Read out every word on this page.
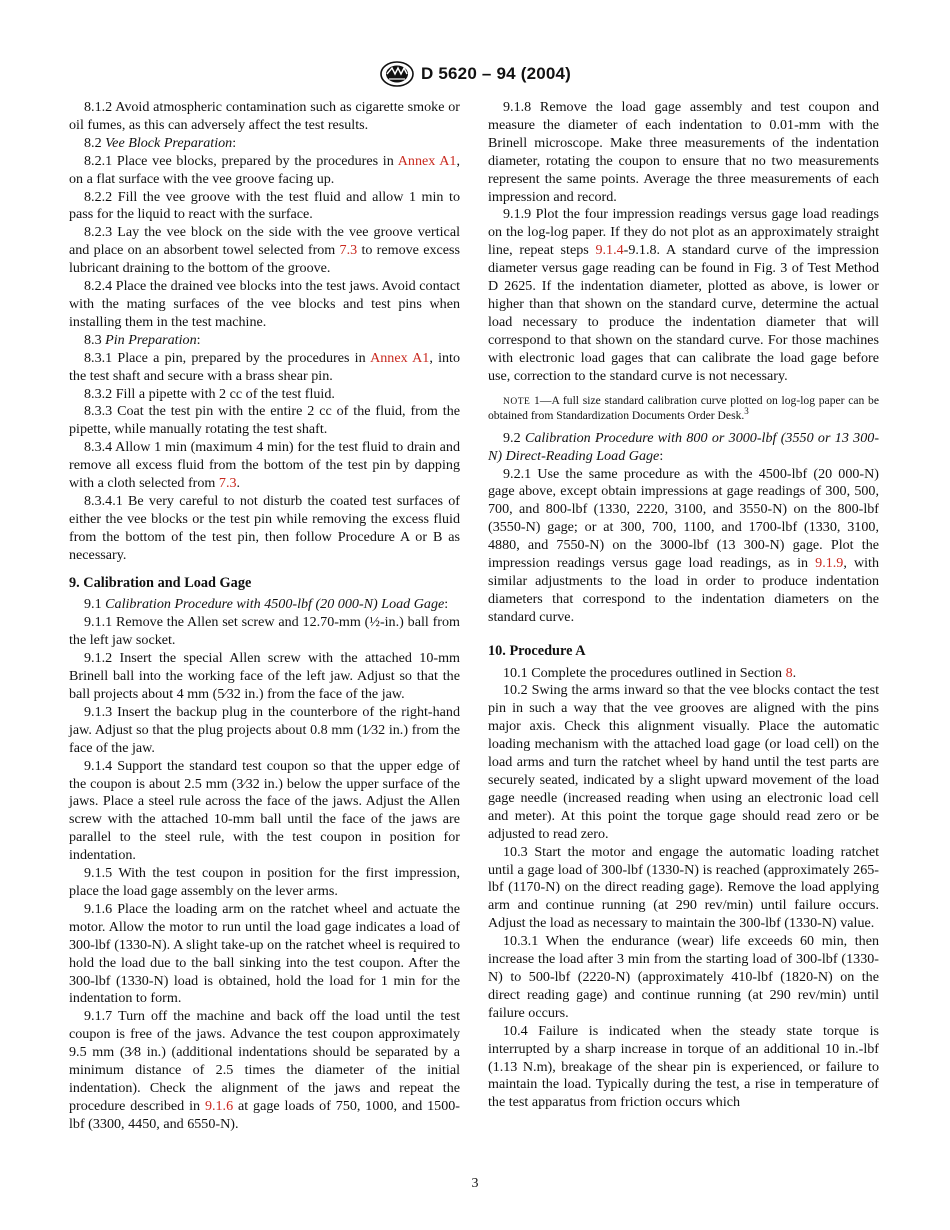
D 5620 – 94 (2004)

8.1.2 Avoid atmospheric contamination such as cigarette smoke or oil fumes, as this can adversely affect the test results.

8.2 Vee Block Preparation:

8.2.1 Place vee blocks, prepared by the procedures in Annex A1, on a flat surface with the vee groove facing up.

8.2.2 Fill the vee groove with the test fluid and allow 1 min to pass for the liquid to react with the surface.

8.2.3 Lay the vee block on the side with the vee groove vertical and place on an absorbent towel selected from 7.3 to remove excess lubricant draining to the bottom of the groove.

8.2.4 Place the drained vee blocks into the test jaws. Avoid contact with the mating surfaces of the vee blocks and test pins when installing them in the test machine.

8.3 Pin Preparation:

8.3.1 Place a pin, prepared by the procedures in Annex A1, into the test shaft and secure with a brass shear pin.

8.3.2 Fill a pipette with 2 cc of the test fluid.

8.3.3 Coat the test pin with the entire 2 cc of the fluid, from the pipette, while manually rotating the test shaft.

8.3.4 Allow 1 min (maximum 4 min) for the test fluid to drain and remove all excess fluid from the bottom of the test pin by dapping with a cloth selected from 7.3.

8.3.4.1 Be very careful to not disturb the coated test surfaces of either the vee blocks or the test pin while removing the excess fluid from the bottom of the test pin, then follow Procedure A or B as necessary.

9. Calibration and Load Gage

9.1 Calibration Procedure with 4500-lbf (20 000-N) Load Gage:

9.1.1 Remove the Allen set screw and 12.70-mm (½-in.) ball from the left jaw socket.

9.1.2 Insert the special Allen screw with the attached 10-mm Brinell ball into the working face of the left jaw. Adjust so that the ball projects about 4 mm (5⁄32 in.) from the face of the jaw.

9.1.3 Insert the backup plug in the counterbore of the right-hand jaw. Adjust so that the plug projects about 0.8 mm (1⁄32 in.) from the face of the jaw.

9.1.4 Support the standard test coupon so that the upper edge of the coupon is about 2.5 mm (3⁄32 in.) below the upper surface of the jaws. Place a steel rule across the face of the jaws. Adjust the Allen screw with the attached 10-mm ball until the face of the jaws are parallel to the steel rule, with the test coupon in position for indentation.

9.1.5 With the test coupon in position for the first impression, place the load gage assembly on the lever arms.

9.1.6 Place the loading arm on the ratchet wheel and actuate the motor. Allow the motor to run until the load gage indicates a load of 300-lbf (1330-N). A slight take-up on the ratchet wheel is required to hold the load due to the ball sinking into the test coupon. After the 300-lbf (1330-N) load is obtained, hold the load for 1 min for the indentation to form.

9.1.7 Turn off the machine and back off the load until the test coupon is free of the jaws. Advance the test coupon approximately 9.5 mm (3⁄8 in.) (additional indentations should be separated by a minimum distance of 2.5 times the diameter of the initial indentation). Check the alignment of the jaws and repeat the procedure described in 9.1.6 at gage loads of 750, 1000, and 1500-lbf (3300, 4450, and 6550-N).

9.1.8 Remove the load gage assembly and test coupon and measure the diameter of each indentation to 0.01-mm with the Brinell microscope. Make three measurements of the indentation diameter, rotating the coupon to ensure that no two measurements represent the same points. Average the three measurements of each impression and record.

9.1.9 Plot the four impression readings versus gage load readings on the log-log paper. If they do not plot as an approximately straight line, repeat steps 9.1.4-9.1.8. A standard curve of the impression diameter versus gage reading can be found in Fig. 3 of Test Method D 2625. If the indentation diameter, plotted as above, is lower or higher than that shown on the standard curve, determine the actual load necessary to produce the indentation diameter that will correspond to that shown on the standard curve. For those machines with electronic load gages that can calibrate the load gage before use, correction to the standard curve is not necessary.

NOTE 1—A full size standard calibration curve plotted on log-log paper can be obtained from Standardization Documents Order Desk.$^3$

9.2 Calibration Procedure with 800 or 3000-lbf (3550 or 13 300-N) Direct-Reading Load Gage:

9.2.1 Use the same procedure as with the 4500-lbf (20 000-N) gage above, except obtain impressions at gage readings of 300, 500, 700, and 800-lbf (1330, 2220, 3100, and 3550-N) on the 800-lbf (3550-N) gage; or at 300, 700, 1100, and 1700-lbf (1330, 3100, 4880, and 7550-N) on the 3000-lbf (13 300-N) gage. Plot the impression readings versus gage load readings, as in 9.1.9, with similar adjustments to the load in order to produce indentation diameters that correspond to the indentation diameters on the standard curve.

10. Procedure A

10.1 Complete the procedures outlined in Section 8.

10.2 Swing the arms inward so that the vee blocks contact the test pin in such a way that the vee grooves are aligned with the pins major axis. Check this alignment visually. Place the automatic loading mechanism with the attached load gage (or load cell) on the load arms and turn the ratchet wheel by hand until the test parts are securely seated, indicated by a slight upward movement of the load gage needle (increased reading when using an electronic load cell and meter). At this point the torque gage should read zero or be adjusted to read zero.

10.3 Start the motor and engage the automatic loading ratchet until a gage load of 300-lbf (1330-N) is reached (approximately 265-lbf (1170-N) on the direct reading gage). Remove the load applying arm and continue running (at 290 rev/min) until failure occurs. Adjust the load as necessary to maintain the 300-lbf (1330-N) value.

10.3.1 When the endurance (wear) life exceeds 60 min, then increase the load after 3 min from the starting load of 300-lbf (1330-N) to 500-lbf (2220-N) (approximately 410-lbf (1820-N) on the direct reading gage) and continue running (at 290 rev/min) until failure occurs.

10.4 Failure is indicated when the steady state torque is interrupted by a sharp increase in torque of an additional 10 in.-lbf (1.13 N.m), breakage of the shear pin is experienced, or failure to maintain the load. Typically during the test, a rise in temperature of the test apparatus from friction occurs which

3
